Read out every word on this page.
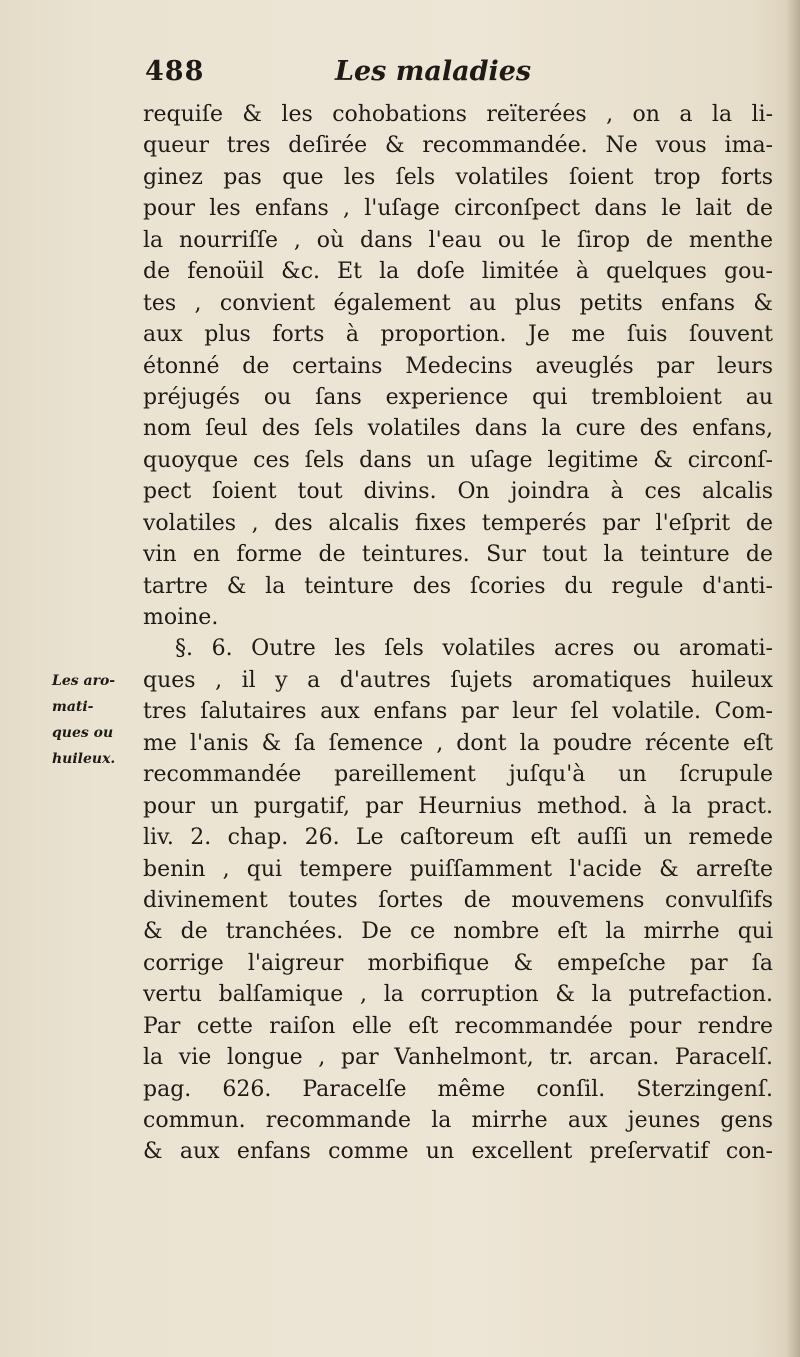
488	Les maladies
Les aro-
mati-
ques ou
huileux.
requiſe & les cohobations reïterées , on a la li-
queur tres deſirée & recommandée. Ne vous ima-
ginez pas que les ſels volatiles ſoient trop forts
pour les enfans , l'uſage circonſpect dans le lait de
la nourriſſe , où dans l'eau ou le ſirop de menthe
de fenoüil &c. Et la doſe limitée à quelques gou-
tes , convient également au plus petits enfans &
aux plus forts à proportion. Je me ſuis ſouvent
étonné de certains Medecins aveuglés par leurs
préjugés ou ſans experience qui trembloient au
nom ſeul des ſels volatiles dans la cure des enfans,
quoyque ces ſels dans un uſage legitime & circonſ-
pect ſoient tout divins. On joindra à ces alcalis
volatiles , des alcalis fixes temperés par l'eſprit de
vin en forme de teintures. Sur tout la teinture de
tartre & la teinture des ſcories du regule d'anti-
moine.
§. 6. Outre les ſels volatiles acres ou aromati-
ques , il y a d'autres ſujets aromatiques huileux
tres ſalutaires aux enfans par leur ſel volatile. Com-
me l'anis & ſa ſemence , dont la poudre récente eſt
recommandée pareillement juſqu'à un ſcrupule
pour un purgatif, par Heurnius method. à la pract.
liv. 2. chap. 26. Le caſtoreum eſt auſſi un remede
benin , qui tempere puiſſamment l'acide & arreſte
divinement toutes ſortes de mouvemens convulſifs
& de tranchées. De ce nombre eſt la mirrhe qui
corrige l'aigreur morbifique & empeſche par ſa
vertu balſamique , la corruption & la putrefaction.
Par cette raiſon elle eſt recommandée pour rendre
la vie longue , par Vanhelmont, tr. arcan. Paracelſ.
pag. 626. Paracelſe même conſil. Sterzingenſ.
commun. recommande la mirrhe aux jeunes gens
& aux enfans comme un excellent preſervatif con-
